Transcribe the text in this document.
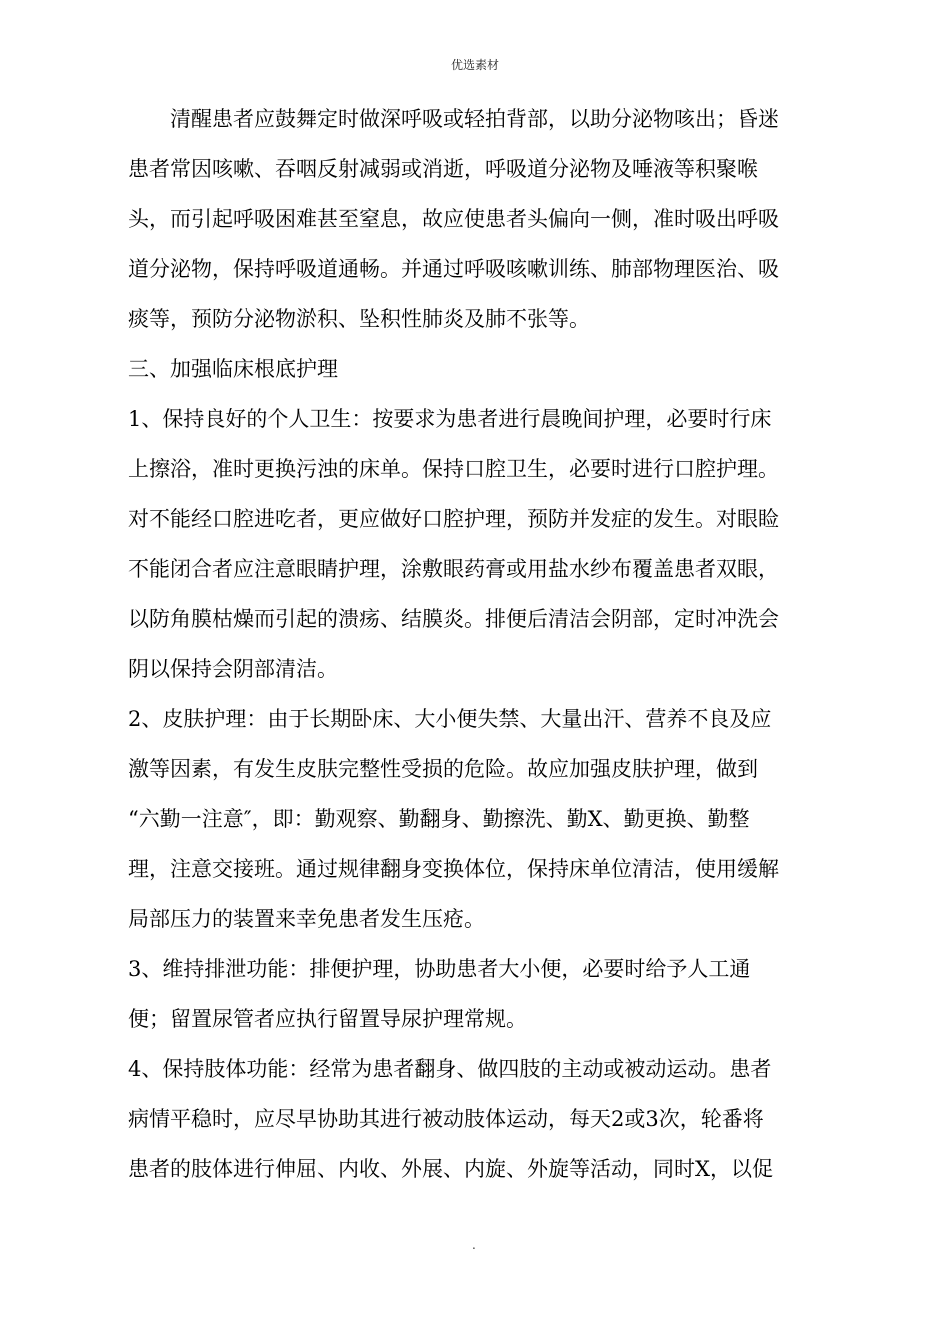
优选素材
　　清醒患者应鼓舞定时做深呼吸或轻拍背部，以助分泌物咳出；昏迷
患者常因咳嗽、吞咽反射减弱或消逝，呼吸道分泌物及唾液等积聚喉
头，而引起呼吸困难甚至窒息，故应使患者头偏向一侧，准时吸出呼吸
道分泌物，保持呼吸道通畅。并通过呼吸咳嗽训练、肺部物理医治、吸
痰等，预防分泌物淤积、坠积性肺炎及肺不张等。
三、加强临床根底护理
1、保持良好的个人卫生：按要求为患者进行晨晚间护理，必要时行床
上擦浴，准时更换污浊的床单。保持口腔卫生，必要时进行口腔护理。
对不能经口腔进吃者，更应做好口腔护理，预防并发症的发生。对眼睑
不能闭合者应注意眼睛护理，涂敷眼药膏或用盐水纱布覆盖患者双眼，
以防角膜枯燥而引起的溃疡、结膜炎。排便后清洁会阴部，定时冲洗会
阴以保持会阴部清洁。
2、皮肤护理：由于长期卧床、大小便失禁、大量出汗、营养不良及应
激等因素，有发生皮肤完整性受损的危险。故应加强皮肤护理，做到
“六勤一注意″，即：勤观察、勤翻身、勤擦洗、勤X、勤更换、勤整
理，注意交接班。通过规律翻身变换体位，保持床单位清洁，使用缓解
局部压力的装置来幸免患者发生压疮。
3、维持排泄功能：排便护理，协助患者大小便，必要时给予人工通
便；留置尿管者应执行留置导尿护理常规。
4、保持肢体功能：经常为患者翻身、做四肢的主动或被动运动。患者
病情平稳时，应尽早协助其进行被动肢体运动，每天2或3次，轮番将
患者的肢体进行伸屈、内收、外展、内旋、外旋等活动，同时X，以促
.
